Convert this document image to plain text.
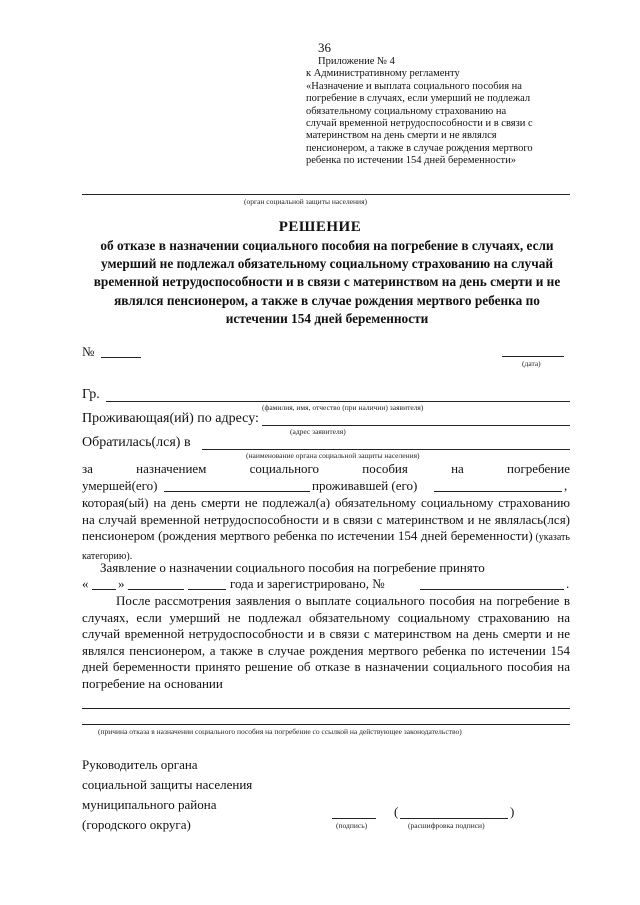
36
Приложение № 4
к Административному регламенту
«Назначение и выплата социального пособия на
погребение в случаях, если умерший не подлежал
обязательному социальному страхованию на
случай временной нетрудоспособности и в связи с
материнством на день смерти и не являлся
пенсионером, а также в случае рождения мертвого
ребенка по истечении 154 дней беременности»
(орган социальной защиты населения)
РЕШЕНИЕ
об отказе в назначении социального пособия на погребение в случаях, если умерший не подлежал обязательному социальному страхованию на случай временной нетрудоспособности и в связи с материнством на день смерти и не являлся пенсионером, а также в случае рождения мертвого ребенка по истечении 154 дней беременности
№
(дата)
Гр.
(фамилия, имя, отчество (при наличии) заявителя)
Проживающая(ий) по адресу:
(адрес заявителя)
Обратилась(лся) в
(наименование органа социальной защиты населения)
за	назначением	социального	пособия	на	погребение
умершей(его)	проживавшей (его)	,
которая(ый) на день смерти не подлежал(а) обязательному социальному страхованию на случай временной нетрудоспособности и в связи с материнством и не являлась(лся) пенсионером (рождения мертвого ребенка по истечении 154 дней беременности) (указать категорию).
Заявление о назначении социального пособия на погребение принято
« »	года и зарегистрировано, №	.
После рассмотрения заявления о выплате социального пособия на погребение в случаях, если умерший не подлежал обязательному социальному страхованию на случай временной нетрудоспособности и в связи с материнством на день смерти и не являлся пенсионером, а также в случае рождения мертвого ребенка по истечении 154 дней беременности принято решение об отказе в назначении социального пособия на погребение на основании
(причина отказа в назначении социального пособия на погребение со ссылкой на действующее законодательство)
Руководитель органа
социальной защиты населения
муниципального района
(городского округа)	(подпись)
(	)
(расшифровка подписи)
